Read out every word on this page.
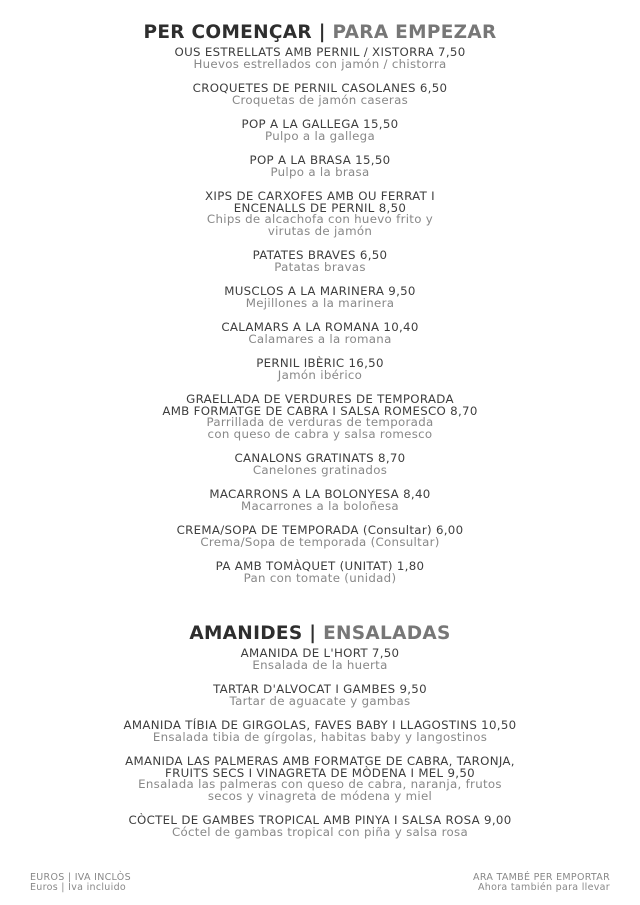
PER COMENÇAR | PARA EMPEZAR
OUS ESTRELLATS AMB PERNIL / XISTORRA 7,50
Huevos estrellados con jamón / chistorra
CROQUETES DE PERNIL CASOLANES 6,50
Croquetas de jamón caseras
POP A LA GALLEGA 15,50
Pulpo a la gallega
POP A LA BRASA 15,50
Pulpo a la brasa
XIPS DE CARXOFES AMB OU FERRAT I
ENCENALLS DE PERNIL 8,50
Chips de alcachofa con huevo frito y
virutas de jamón
PATATES BRAVES 6,50
Patatas bravas
MUSCLOS A LA MARINERA 9,50
Mejillones a la marinera
CALAMARS A LA ROMANA 10,40
Calamares a la romana
PERNIL IBÈRIC 16,50
Jamón ibérico
GRAELLADA DE VERDURES DE TEMPORADA
AMB FORMATGE DE CABRA I SALSA ROMESCO 8,70
Parrillada de verduras de temporada
con queso de cabra y salsa romesco
CANALONS GRATINATS 8,70
Canelones gratinados
MACARRONS A LA BOLONYESA 8,40
Macarrones a la boloñesa
CREMA/SOPA DE TEMPORADA (Consultar) 6,00
Crema/Sopa de temporada (Consultar)
PA AMB TOMÀQUET (UNITAT) 1,80
Pan con tomate (unidad)
AMANIDES | ENSALADAS
AMANIDA DE L'HORT 7,50
Ensalada de la huerta
TARTAR D'ALVOCAT I GAMBES 9,50
Tartar de aguacate y gambas
AMANIDA TÍBIA DE GIRGOLAS, FAVES BABY I LLAGOSTINS 10,50
Ensalada tibia de gírgolas, habitas baby y langostinos
AMANIDA LAS PALMERAS AMB FORMATGE DE CABRA, TARONJA,
FRUITS SECS I VINAGRETA DE MÒDENA I MEL 9,50
Ensalada las palmeras con queso de cabra, naranja, frutos
secos y vinagreta de módena y miel
CÒCTEL DE GAMBES TROPICAL AMB PINYA I SALSA ROSA 9,00
Cóctel de gambas tropical con piña y salsa rosa
EUROS | IVA INCLÒS
Euros | Iva incluido
ARA TAMBÉ PER EMPORTAR
Ahora también para llevar
